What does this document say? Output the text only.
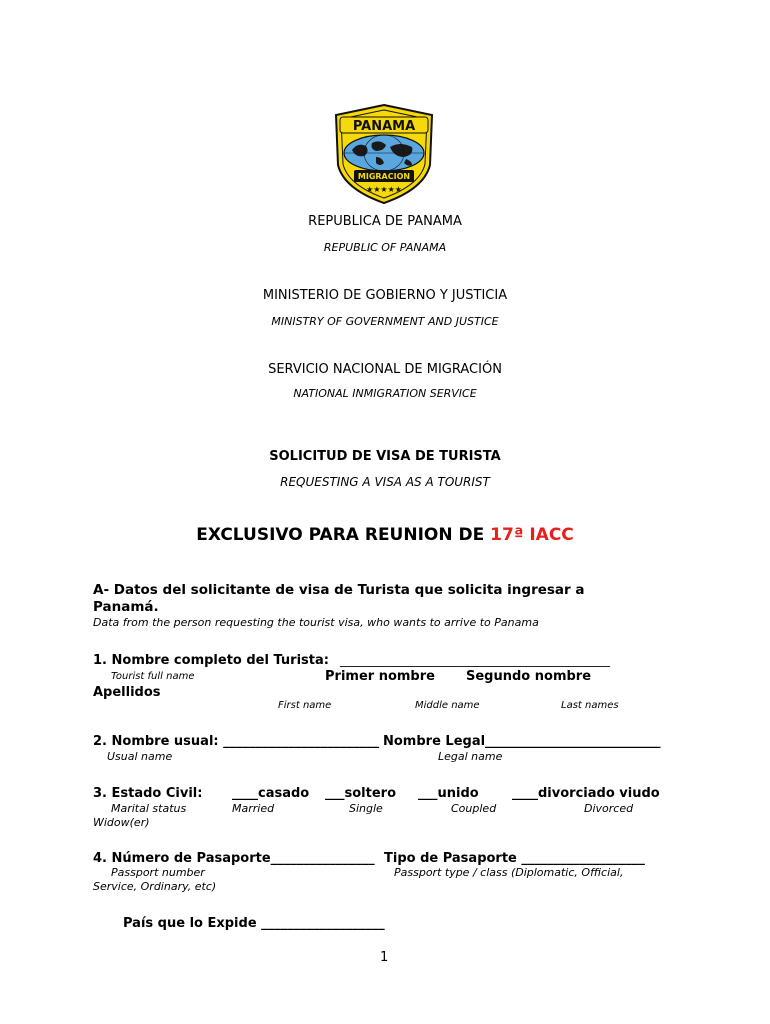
PANAMA
MIGRACION
★★★★★
REPUBLICA DE PANAMA
REPUBLIC OF PANAMA
MINISTERIO DE GOBIERNO Y JUSTICIA
MINISTRY OF GOVERNMENT AND JUSTICE
SERVICIO NACIONAL DE MIGRACIÓN
NATIONAL INMIGRATION SERVICE
SOLICITUD DE VISA DE TURISTA
REQUESTING A VISA AS A TOURIST
EXCLUSIVO PARA REUNION DE 17ª IACC
A- Datos del solicitante de visa de Turista que solicita ingresar a
Panamá.
Data from the person requesting the tourist visa, who wants to arrive to Panama
1. Nombre completo del Turista: _____________________________________________
Tourist full name	Primer nombre Segundo nombre
Apellidos
First name	Middle name	Last names
2. Nombre usual: ________________________ Nombre Legal___________________________
Usual name	Legal name
3. Estado Civil: ____casado ___soltero ___unido	____divorciado viudo
Marital status	Married	Single	Coupled	Divorced
Widow(er)
4. Número de Pasaporte________________ Tipo de Pasaporte ___________________
Passport number	Passport type / class (Diplomatic, Official,
Service, Ordinary, etc)
País que lo Expide ___________________
1
